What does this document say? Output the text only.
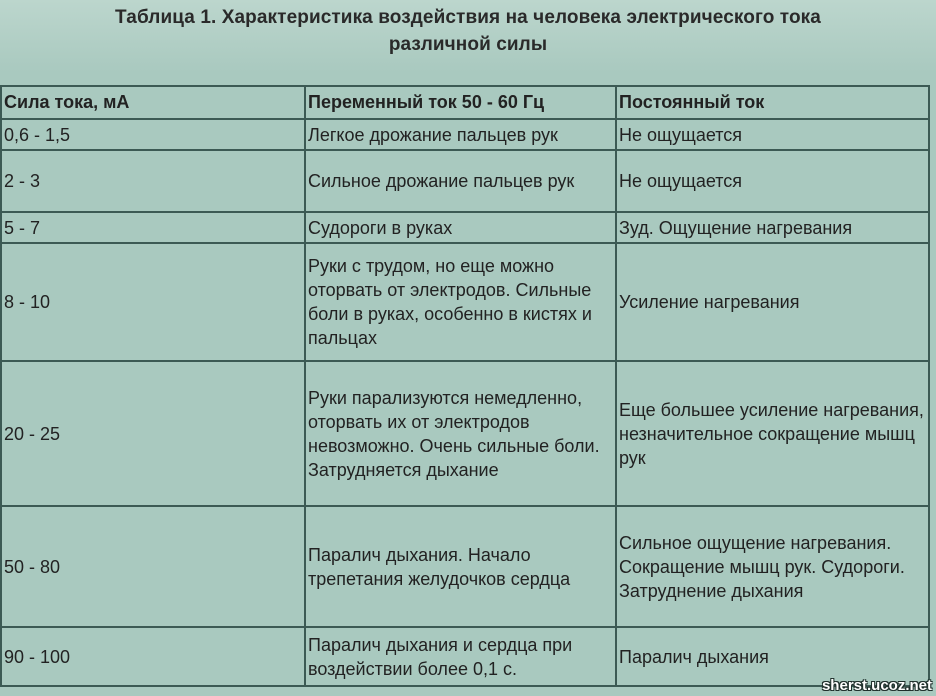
Таблица 1. Характеристика воздействия на человека электрического тока
различной силы
Сила тока, мА	Переменный ток 50 - 60 Гц	Постоянный ток
0,6 - 1,5	Легкое дрожание пальцев рук	Не ощущается
2 - 3	Сильное дрожание пальцев рук	Не ощущается
5 - 7	Судороги в руках	Зуд. Ощущение нагревания
8 - 10	Руки с трудом, но еще можно оторвать от электродов. Сильные боли в руках, особенно в кистях и пальцах	Усиление нагревания
20 - 25	Руки парализуются немедленно, оторвать их от электродов невозможно. Очень сильные боли. Затрудняется дыхание	Еще большее усиление нагревания, незначительное сокращение мышц рук
50 - 80	Паралич дыхания. Начало трепетания желудочков сердца	Сильное ощущение нагревания. Сокращение мышц рук. Судороги. Затруднение дыхания
90 - 100	Паралич дыхания и сердца при воздействии более 0,1 с.	Паралич дыхания
sherst.ucoz.net
